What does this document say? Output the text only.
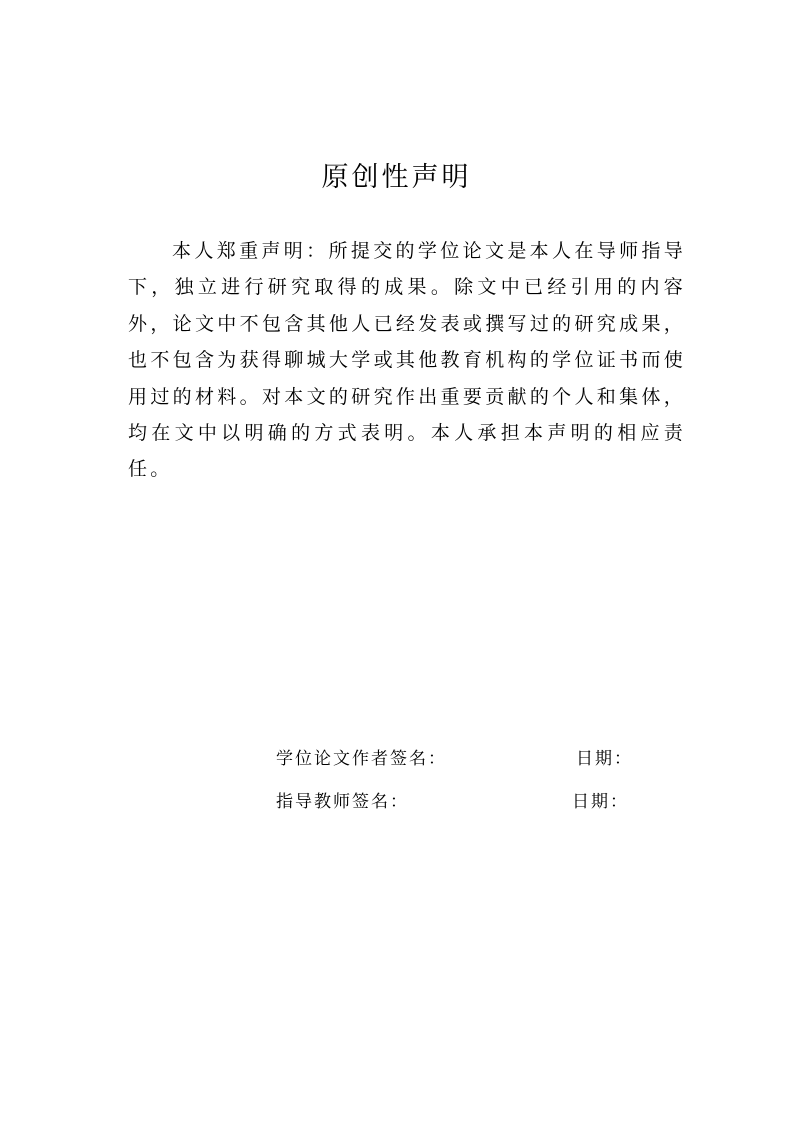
原创性声明

本人郑重声明：所提交的学位论文是本人在导师指导下，独立进行研究取得的成果。除文中已经引用的内容外，论文中不包含其他人已经发表或撰写过的研究成果，也不包含为获得聊城大学或其他教育机构的学位证书而使用过的材料。对本文的研究作出重要贡献的个人和集体，均在文中以明确的方式表明。本人承担本声明的相应责任。

学位论文作者签名：	日期：
指导教师签名：	日期：
